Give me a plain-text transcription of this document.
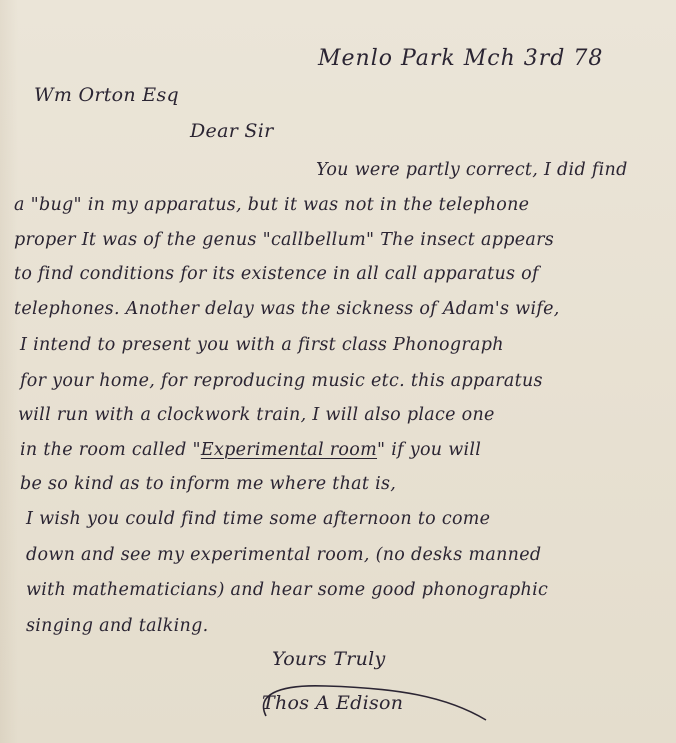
Menlo Park Mch 3rd 78
Wm Orton Esq
Dear Sir
You were partly correct, I did find
a "bug" in my apparatus, but it was not in the telephone
proper It was of the genus "callbellum" The insect appears
to find conditions for its existence in all call apparatus of
telephones. Another delay was the sickness of Adam's wife,
I intend to present you with a first class Phonograph
for your home, for reproducing music etc. this apparatus
will run with a clockwork train, I will also place one
in the room called "Experimental room" if you will
be so kind as to inform me where that is,
I wish you could find time some afternoon to come
down and see my experimental room, (no desks manned
with mathematicians) and hear some good phonographic
singing and talking.
Yours Truly
Thos A Edison
